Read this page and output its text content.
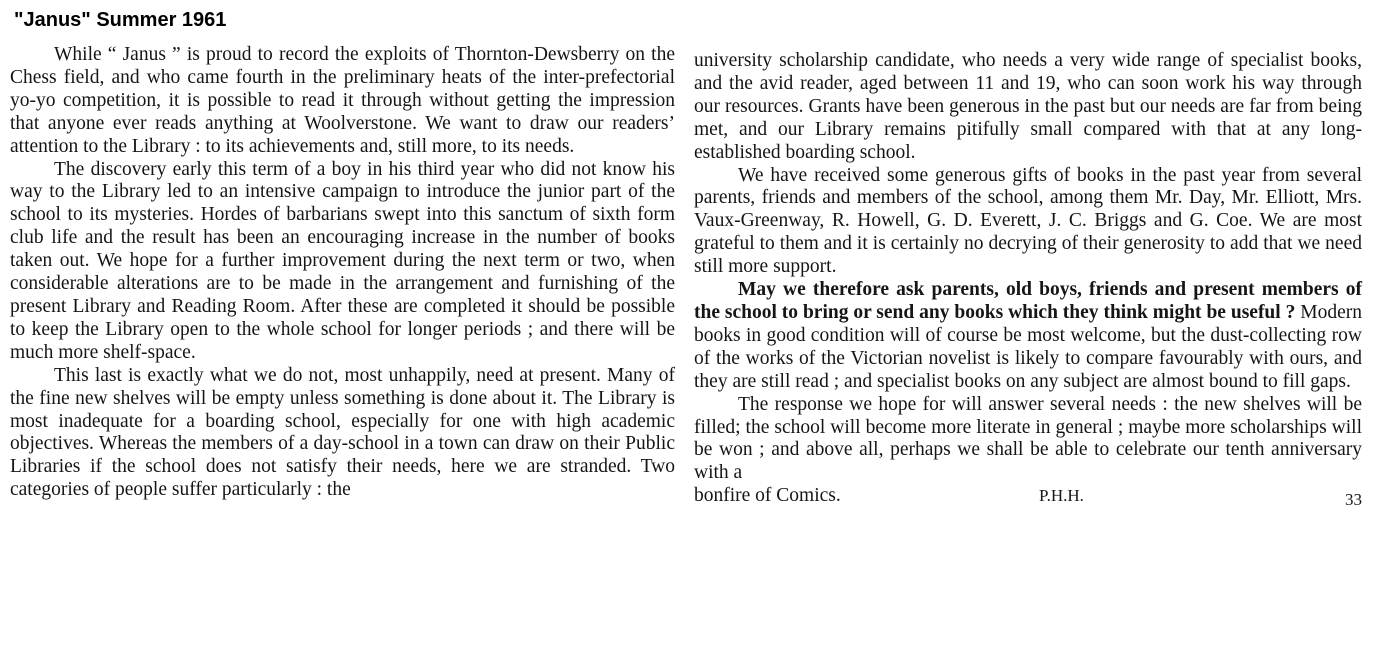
"Janus" Summer 1961

While “ Janus ” is proud to record the exploits of Thornton-Dewsberry on the Chess field, and who came fourth in the preliminary heats of the inter-prefectorial yo-yo competition, it is possible to read it through without getting the impression that anyone ever reads anything at Woolverstone. We want to draw our readers’ attention to the Library : to its achievements and, still more, to its needs.

The discovery early this term of a boy in his third year who did not know his way to the Library led to an intensive campaign to introduce the junior part of the school to its mysteries. Hordes of barbarians swept into this sanctum of sixth form club life and the result has been an encouraging increase in the number of books taken out. We hope for a further improvement during the next term or two, when considerable alterations are to be made in the arrangement and furnishing of the present Library and Reading Room. After these are completed it should be possible to keep the Library open to the whole school for longer periods ; and there will be much more shelf-space.

This last is exactly what we do not, most unhappily, need at present. Many of the fine new shelves will be empty unless something is done about it. The Library is most inadequate for a boarding school, especially for one with high academic objectives. Whereas the members of a day-school in a town can draw on their Public Libraries if the school does not satisfy their needs, here we are stranded. Two categories of people suffer particularly : the

university scholarship candidate, who needs a very wide range of specialist books, and the avid reader, aged between 11 and 19, who can soon work his way through our resources. Grants have been generous in the past but our needs are far from being met, and our Library remains pitifully small compared with that at any long-established boarding school.

We have received some generous gifts of books in the past year from several parents, friends and members of the school, among them Mr. Day, Mr. Elliott, Mrs. Vaux-Greenway, R. Howell, G. D. Everett, J. C. Briggs and G. Coe. We are most grateful to them and it is certainly no decrying of their generosity to add that we need still more support.

May we therefore ask parents, old boys, friends and present members of the school to bring or send any books which they think might be useful ? Modern books in good condition will of course be most welcome, but the dust-collecting row of the works of the Victorian novelist is likely to compare favourably with ours, and they are still read ; and specialist books on any subject are almost bound to fill gaps.

The response we hope for will answer several needs : the new shelves will be filled; the school will become more literate in general ; maybe more scholarships will be won ; and above all, perhaps we shall be able to celebrate our tenth anniversary with a

bonfire of Comics.	P.H.H.	33
